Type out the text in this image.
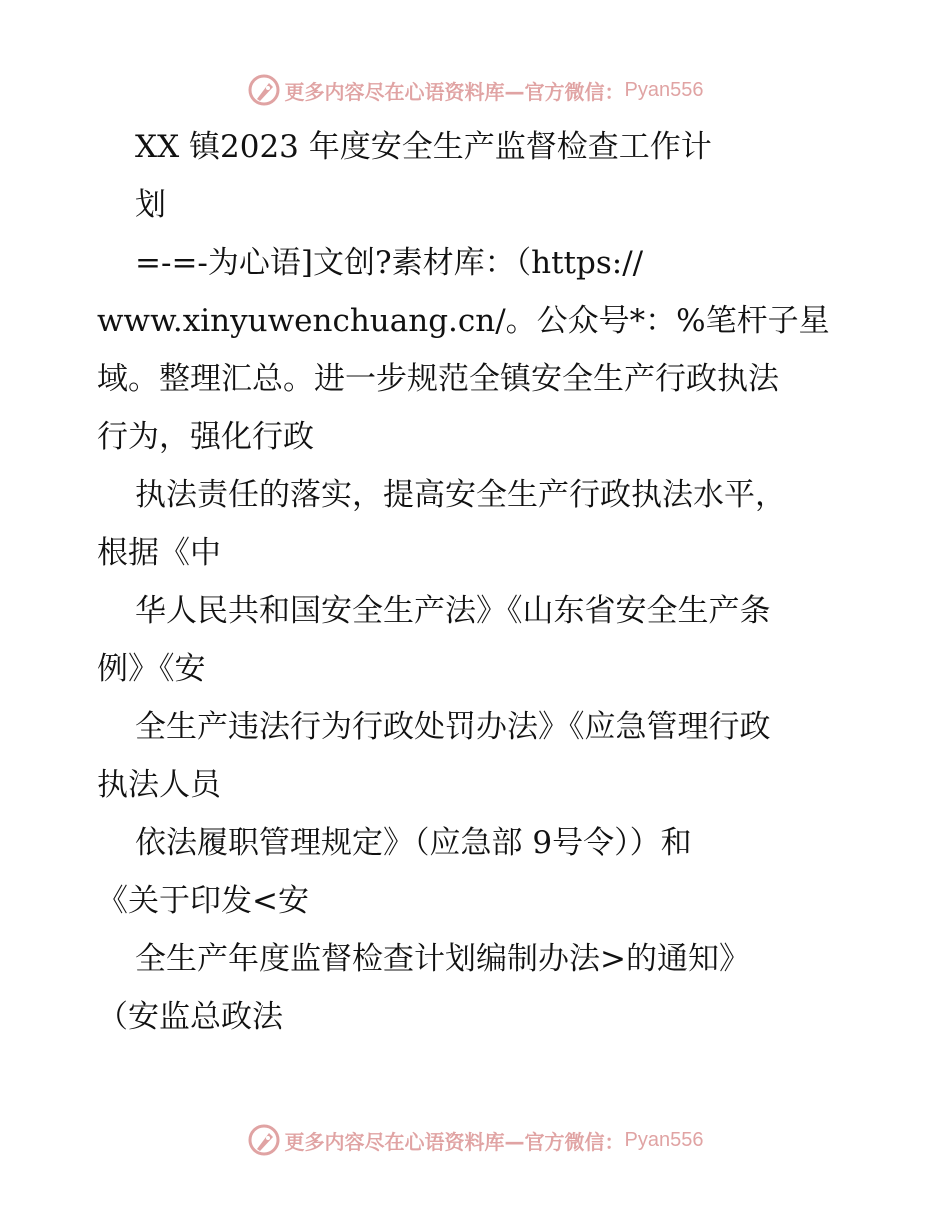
更多内容尽在心语资料库—官方微信： Pyan556
XX 镇2023 年度安全生产监督检查工作计
划
=-=-为心语]文创?素材库：（https://
www.xinyuwenchuang.cn/。公众号*：%笔杆子星
域。整理汇总。进一步规范全镇安全生产行政执法
行为，强化行政
执法责任的落实，提高安全生产行政执法水平，
根据《中
华人民共和国安全生产法》《山东省安全生产条
例》《安
全生产违法行为行政处罚办法》《应急管理行政
执法人员
依法履职管理规定》（应急部 9号令））和
《关于印发<安
全生产年度监督检查计划编制办法>的通知》
（安监总政法
更多内容尽在心语资料库—官方微信： Pyan556
